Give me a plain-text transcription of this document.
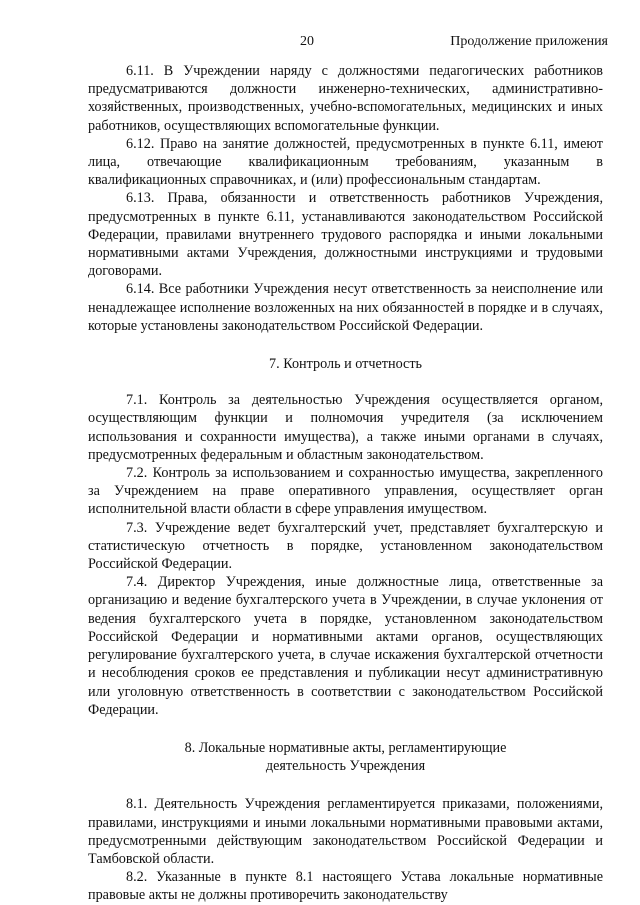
20	Продолжение приложения

6.11. В Учреждении наряду с должностями педагогических работников предусматриваются должности инженерно-технических, административно-хозяйственных, производственных, учебно-вспомогательных, медицинских и иных работников, осуществляющих вспомогательные функции.

6.12. Право на занятие должностей, предусмотренных в пункте 6.11, имеют лица, отвечающие квалификационным требованиям, указанным в квалификационных справочниках, и (или) профессиональным стандартам.

6.13. Права, обязанности и ответственность работников Учреждения, предусмотренных в пункте 6.11, устанавливаются законодательством Российской Федерации, правилами внутреннего трудового распорядка и иными локальными нормативными актами Учреждения, должностными инструкциями и трудовыми договорами.

6.14. Все работники Учреждения несут ответственность за неисполнение или ненадлежащее исполнение возложенных на них обязанностей в порядке и в случаях, которые установлены законодательством Российской Федерации.

7. Контроль и отчетность

7.1. Контроль за деятельностью Учреждения осуществляется органом, осуществляющим функции и полномочия учредителя (за исключением использования и сохранности имущества), а также иными органами в случаях, предусмотренных федеральным и областным законодательством.

7.2. Контроль за использованием и сохранностью имущества, закрепленного за Учреждением на праве оперативного управления, осуществляет орган исполнительной власти области в сфере управления имуществом.

7.3. Учреждение ведет бухгалтерский учет, представляет бухгалтерскую и статистическую отчетность в порядке, установленном законодательством Российской Федерации.

7.4. Директор Учреждения, иные должностные лица, ответственные за организацию и ведение бухгалтерского учета в Учреждении, в случае уклонения от ведения бухгалтерского учета в порядке, установленном законодательством Российской Федерации и нормативными актами органов, осуществляющих регулирование бухгалтерского учета, в случае искажения бухгалтерской отчетности и несоблюдения сроков ее представления и публикации несут административную или уголовную ответственность в соответствии с законодательством Российской Федерации.

8. Локальные нормативные акты, регламентирующие
деятельность Учреждения

8.1. Деятельность Учреждения регламентируется приказами, положениями, правилами, инструкциями и иными локальными нормативными правовыми актами, предусмотренными действующим законодательством Российской Федерации и Тамбовской области.

8.2. Указанные в пункте 8.1 настоящего Устава локальные нормативные правовые акты не должны противоречить законодательству
